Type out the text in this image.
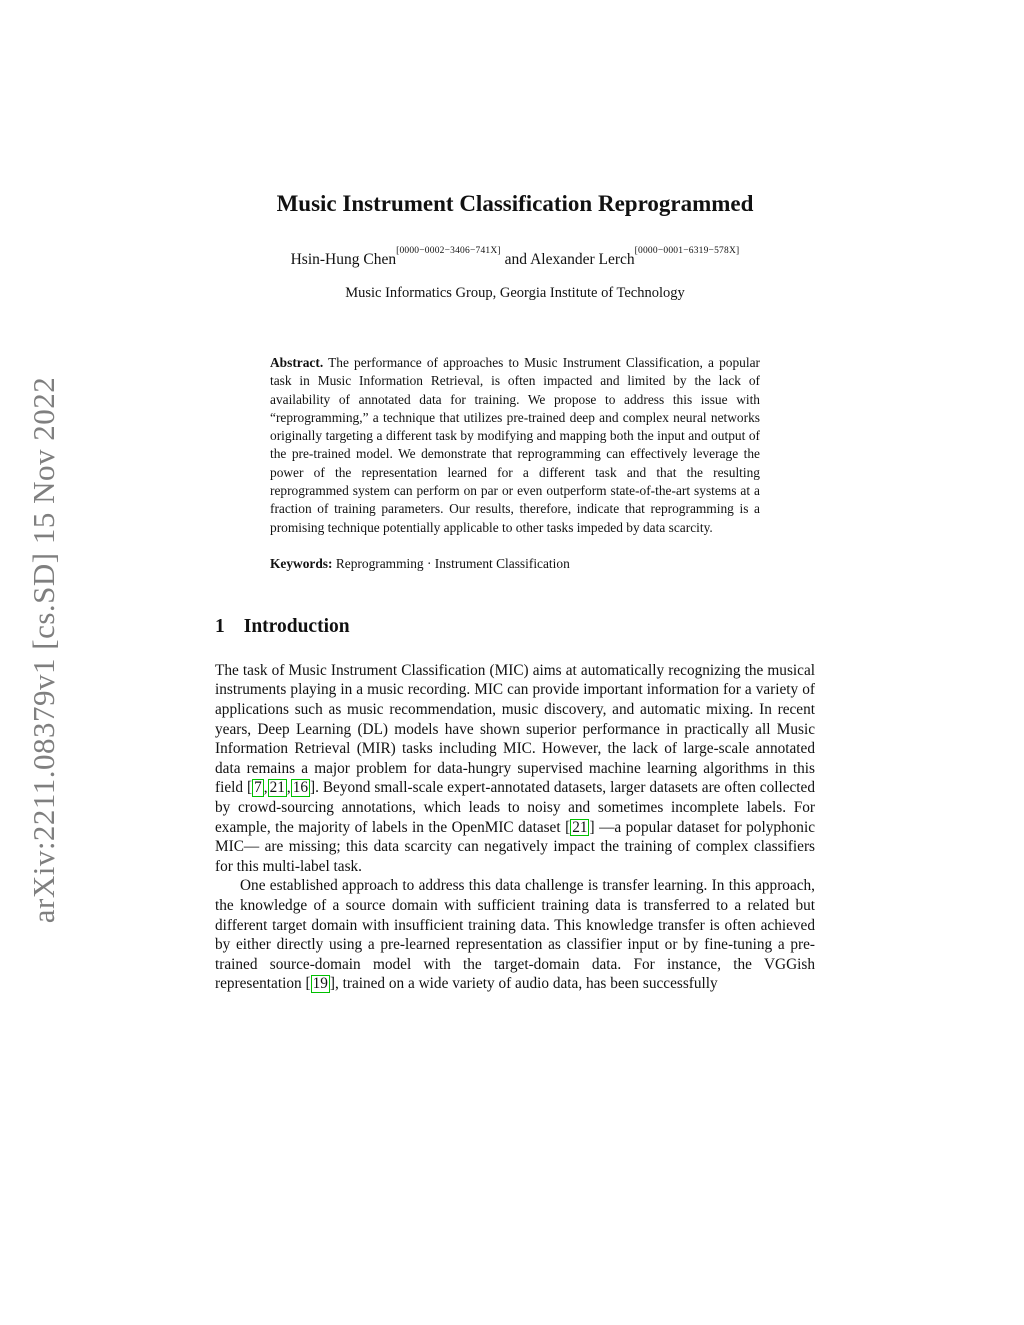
arXiv:2211.08379v1 [cs.SD] 15 Nov 2022
Music Instrument Classification Reprogrammed
Hsin-Hung Chen[0000−0002−3406−741X] and Alexander Lerch[0000−0001−6319−578X]
Music Informatics Group, Georgia Institute of Technology
Abstract. The performance of approaches to Music Instrument Classification, a popular task in Music Information Retrieval, is often impacted and limited by the lack of availability of annotated data for training. We propose to address this issue with “reprogramming,” a technique that utilizes pre-trained deep and complex neural networks originally targeting a different task by modifying and mapping both the input and output of the pre-trained model. We demonstrate that reprogramming can effectively leverage the power of the representation learned for a different task and that the resulting reprogrammed system can perform on par or even outperform state-of-the-art systems at a fraction of training parameters. Our results, therefore, indicate that reprogramming is a promising technique potentially applicable to other tasks impeded by data scarcity.
Keywords: Reprogramming · Instrument Classification
1 Introduction

The task of Music Instrument Classification (MIC) aims at automatically recognizing the musical instruments playing in a music recording. MIC can provide important information for a variety of applications such as music recommendation, music discovery, and automatic mixing. In recent years, Deep Learning (DL) models have shown superior performance in practically all Music Information Retrieval (MIR) tasks including MIC. However, the lack of large-scale annotated data remains a major problem for data-hungry supervised machine learning algorithms in this field [ 7 , 21 , 16 ]. Beyond small-scale expert-annotated datasets, larger datasets are often collected by crowd-sourcing annotations, which leads to noisy and sometimes incomplete labels. For example, the majority of labels in the OpenMIC dataset [ 21 ] —a popular dataset for polyphonic MIC— are missing; this data scarcity can negatively impact the training of complex classifiers for this multi-label task.

One established approach to address this data challenge is transfer learning. In this approach, the knowledge of a source domain with sufficient training data is transferred to a related but different target domain with insufficient training data. This knowledge transfer is often achieved by either directly using a pre-learned representation as classifier input or by fine-tuning a pre-trained source-domain model with the target-domain data. For instance, the VGGish representation [ 19 ], trained on a wide variety of audio data, has been successfully
